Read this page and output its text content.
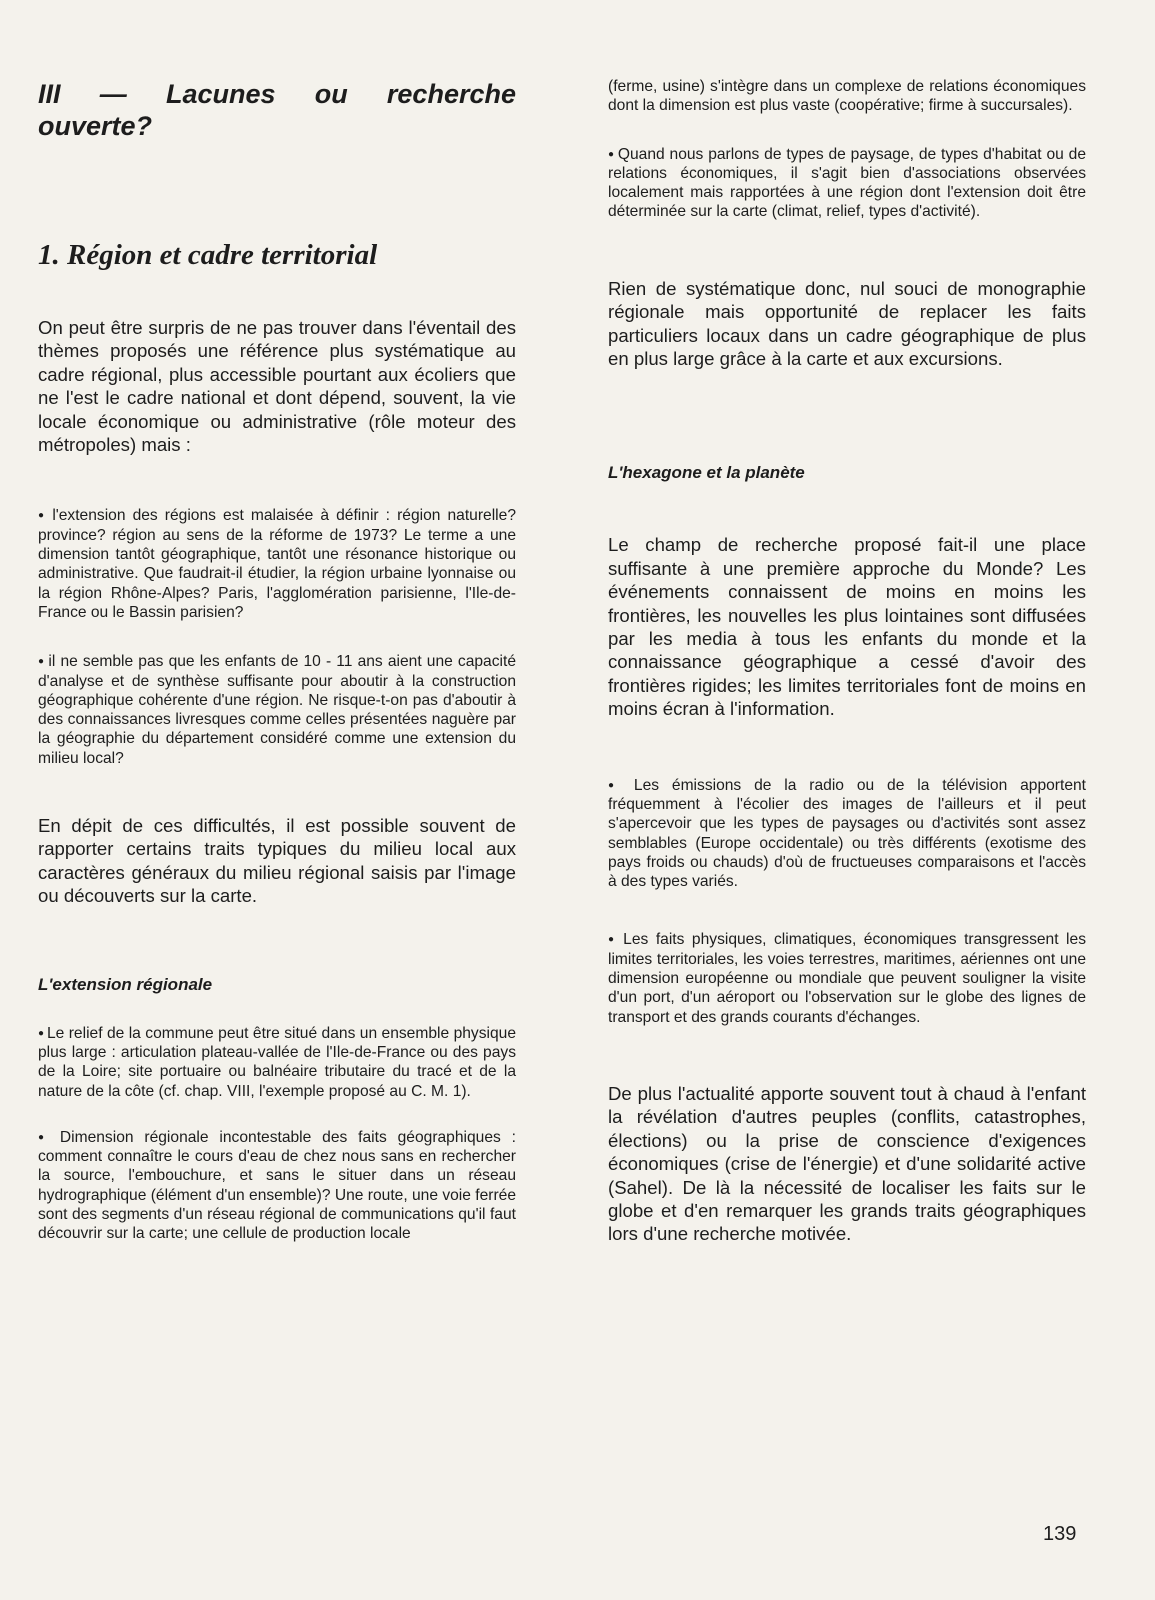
III — Lacunes ou recherche
ouverte?
1. Région et cadre territorial

On peut être surpris de ne pas trouver dans l'éventail des thèmes proposés une référence plus systématique au cadre régional, plus accessible pourtant aux écoliers que ne l'est le cadre national et dont dépend, souvent, la vie locale économique ou administrative (rôle moteur des métropoles) mais :

● l'extension des régions est malaisée à définir : région naturelle? province? région au sens de la réforme de 1973? Le terme a une dimension tantôt géographique, tantôt une résonance historique ou administrative. Que faudrait-il étudier, la région urbaine lyonnaise ou la région Rhône-Alpes? Paris, l'agglomération parisienne, l'Ile-de-France ou le Bassin parisien?

● il ne semble pas que les enfants de 10 - 11 ans aient une capacité d'analyse et de synthèse suffisante pour aboutir à la construction géographique cohérente d'une région. Ne risque-t-on pas d'aboutir à des connaissances livresques comme celles présentées naguère par la géographie du département considéré comme une extension du milieu local?

En dépit de ces difficultés, il est possible souvent de rapporter certains traits typiques du milieu local aux caractères généraux du milieu régional saisis par l'image ou découverts sur la carte.

L'extension régionale

● Le relief de la commune peut être situé dans un ensemble physique plus large : articulation plateau-vallée de l'Ile-de-France ou des pays de la Loire; site portuaire ou balnéaire tributaire du tracé et de la nature de la côte (cf. chap. VIII, l'exemple proposé au C. M. 1).

● Dimension régionale incontestable des faits géographiques : comment connaître le cours d'eau de chez nous sans en rechercher la source, l'embouchure, et sans le situer dans un réseau hydrographique (élément d'un ensemble)? Une route, une voie ferrée sont des segments d'un réseau régional de communications qu'il faut découvrir sur la carte; une cellule de production locale

(ferme, usine) s'intègre dans un complexe de relations économiques dont la dimension est plus vaste (coopérative; firme à succursales).

● Quand nous parlons de types de paysage, de types d'habitat ou de relations économiques, il s'agit bien d'associations observées localement mais rapportées à une région dont l'extension doit être déterminée sur la carte (climat, relief, types d'activité).

Rien de systématique donc, nul souci de monographie régionale mais opportunité de replacer les faits particuliers locaux dans un cadre géographique de plus en plus large grâce à la carte et aux excursions.

L'hexagone et la planète

Le champ de recherche proposé fait-il une place suffisante à une première approche du Monde? Les événements connaissent de moins en moins les frontières, les nouvelles les plus lointaines sont diffusées par les media à tous les enfants du monde et la connaissance géographique a cessé d'avoir des frontières rigides; les limites territoriales font de moins en moins écran à l'information.

● Les émissions de la radio ou de la télévision apportent fréquemment à l'écolier des images de l'ailleurs et il peut s'apercevoir que les types de paysages ou d'activités sont assez semblables (Europe occidentale) ou très différents (exotisme des pays froids ou chauds) d'où de fructueuses comparaisons et l'accès à des types variés.

● Les faits physiques, climatiques, économiques transgressent les limites territoriales, les voies terrestres, maritimes, aériennes ont une dimension européenne ou mondiale que peuvent souligner la visite d'un port, d'un aéroport ou l'observation sur le globe des lignes de transport et des grands courants d'échanges.

De plus l'actualité apporte souvent tout à chaud à l'enfant la révélation d'autres peuples (conflits, catastrophes, élections) ou la prise de conscience d'exigences économiques (crise de l'énergie) et d'une solidarité active (Sahel). De là la nécessité de localiser les faits sur le globe et d'en remarquer les grands traits géographiques lors d'une recherche motivée.

139
